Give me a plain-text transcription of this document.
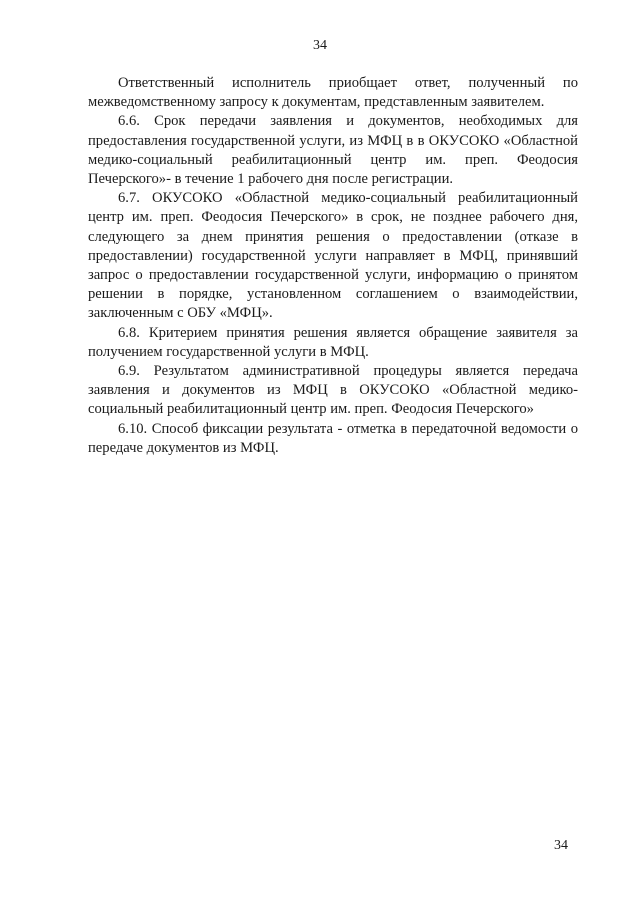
34

Ответственный исполнитель приобщает ответ, полученный по межведомственному запросу к документам, представленным заявителем.

6.6. Срок передачи заявления и документов, необходимых для предоставления государственной услуги, из МФЦ в в ОКУСОКО «Областной медико-социальный реабилитационный центр им. преп. Феодосия Печерского»- в течение 1 рабочего дня после регистрации.

6.7. ОКУСОКО «Областной медико-социальный реабилитационный центр им. преп. Феодосия Печерского» в срок, не позднее рабочего дня, следующего за днем принятия решения о предоставлении (отказе в предоставлении) государственной услуги направляет в МФЦ, принявший запрос о предоставлении государственной услуги, информацию о принятом решении в порядке, установленном соглашением о взаимодействии, заключенным с ОБУ «МФЦ».

6.8. Критерием принятия решения является обращение заявителя за получением государственной услуги в МФЦ.

6.9. Результатом административной процедуры является передача заявления и документов из МФЦ в ОКУСОКО «Областной медико-социальный реабилитационный центр им. преп. Феодосия Печерского»

6.10. Способ фиксации результата - отметка в передаточной ведомости о передаче документов из МФЦ.

34
